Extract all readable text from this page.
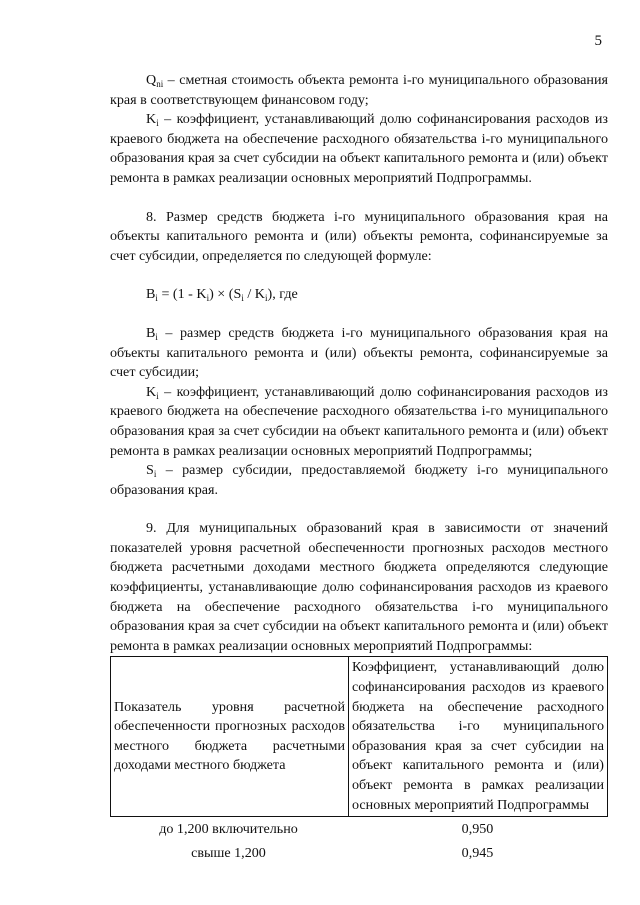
5

$Q_{ni}$ – сметная стоимость объекта ремонта i-го муниципального образования края в соответствующем финансовом году;

$K_i$ – коэффициент, устанавливающий долю софинансирования расходов из краевого бюджета на обеспечение расходного обязательства i-го муниципального образования края за счет субсидии на объект капитального ремонта и (или) объект ремонта в рамках реализации основных мероприятий Подпрограммы.

8. Размер средств бюджета i-го муниципального образования края на объекты капитального ремонта и (или) объекты ремонта, софинансируемые за счет субсидии, определяется по следующей формуле:

$B_i = (1 - K_i) \times (S_i / K_i)$, где

$B_i$ – размер средств бюджета i-го муниципального образования края на объекты капитального ремонта и (или) объекты ремонта, софинансируемые за счет субсидии;

$K_i$ – коэффициент, устанавливающий долю софинансирования расходов из краевого бюджета на обеспечение расходного обязательства i-го муниципального образования края за счет субсидии на объект капитального ремонта и (или) объект ремонта в рамках реализации основных мероприятий Подпрограммы;

$S_i$ – размер субсидии, предоставляемой бюджету i-го муниципального образования края.

9. Для муниципальных образований края в зависимости от значений показателей уровня расчетной обеспеченности прогнозных расходов местного бюджета расчетными доходами местного бюджета определяются следующие коэффициенты, устанавливающие долю софинансирования расходов из краевого бюджета на обеспечение расходного обязательства i-го муниципального образования края за счет субсидии на объект капитального ремонта и (или) объект ремонта в рамках реализации основных мероприятий Подпрограммы:

Показатель уровня расчетной обеспеченности прогнозных расходов местного бюджета расчетными доходами местного бюджета	Коэффициент, устанавливающий долю софинансирования расходов из краевого бюджета на обеспечение расходного обязательства i-го муниципального образования края за счет субсидии на объект капитального ремонта и (или) объект ремонта в рамках реализации основных мероприятий Подпрограммы
до 1,200 включительно	0,950
свыше 1,200	0,945
